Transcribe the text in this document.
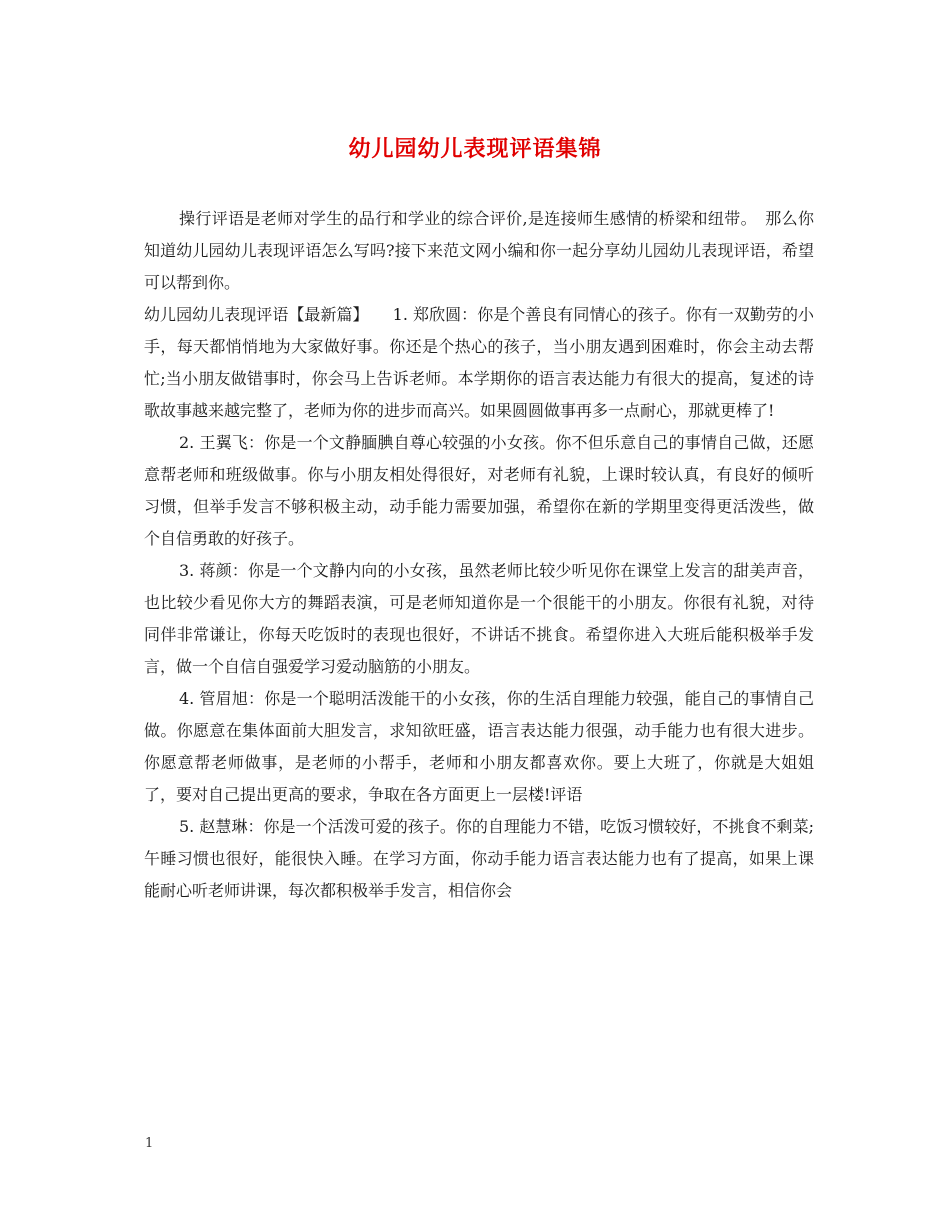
幼儿园幼儿表现评语集锦

操行评语是老师对学生的品行和学业的综合评价,是连接师生感情的桥梁和纽带。　那么你知道幼儿园幼儿表现评语怎么写吗?接下来范文网小编和你一起分享幼儿园幼儿表现评语，希望可以帮到你。

幼儿园幼儿表现评语【最新篇】　　1. 郑欣圆：你是个善良有同情心的孩子。你有一双勤劳的小手，每天都悄悄地为大家做好事。你还是个热心的孩子，当小朋友遇到困难时，你会主动去帮忙;当小朋友做错事时，你会马上告诉老师。本学期你的语言表达能力有很大的提高，复述的诗歌故事越来越完整了，老师为你的进步而高兴。如果圆圆做事再多一点耐心，那就更棒了!

2. 王翼飞：你是一个文静腼腆自尊心较强的小女孩。你不但乐意自己的事情自己做，还愿意帮老师和班级做事。你与小朋友相处得很好，对老师有礼貌，上课时较认真，有良好的倾听习惯，但举手发言不够积极主动，动手能力需要加强，希望你在新的学期里变得更活泼些，做个自信勇敢的好孩子。

3. 蒋颜：你是一个文静内向的小女孩，虽然老师比较少听见你在课堂上发言的甜美声音，也比较少看见你大方的舞蹈表演，可是老师知道你是一个很能干的小朋友。你很有礼貌，对待同伴非常谦让，你每天吃饭时的表现也很好，不讲话不挑食。希望你进入大班后能积极举手发言，做一个自信自强爱学习爱动脑筋的小朋友。

4. 管眉旭：你是一个聪明活泼能干的小女孩，你的生活自理能力较强，能自己的事情自己做。你愿意在集体面前大胆发言，求知欲旺盛，语言表达能力很强，动手能力也有很大进步。你愿意帮老师做事，是老师的小帮手，老师和小朋友都喜欢你。要上大班了，你就是大姐姐了，要对自己提出更高的要求，争取在各方面更上一层楼!评语

5. 赵慧琳：你是一个活泼可爱的孩子。你的自理能力不错，吃饭习惯较好，不挑食不剩菜;午睡习惯也很好，能很快入睡。在学习方面，你动手能力语言表达能力也有了提高，如果上课能耐心听老师讲课，每次都积极举手发言，相信你会

1
